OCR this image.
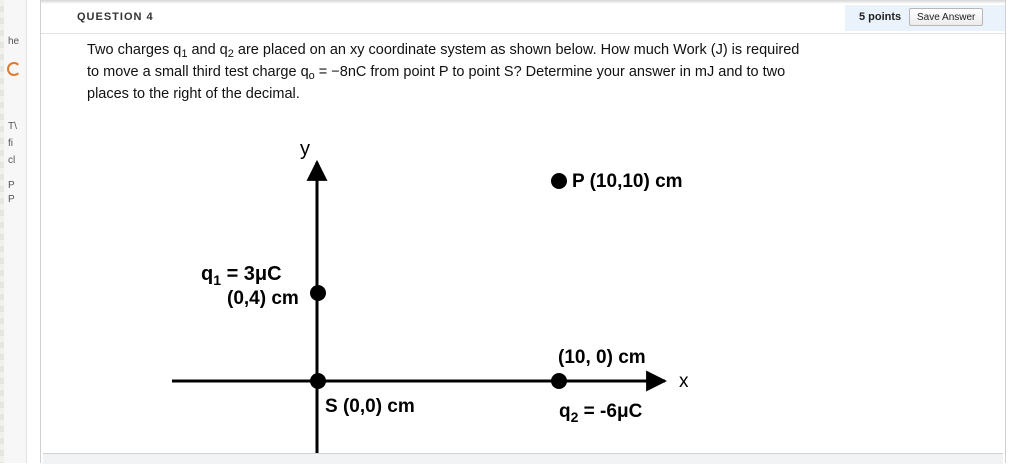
he
T\
fi
cl
P
P
QUESTION 4	5 points	Save Answer
Two charges $q_1$ and $q_2$ are placed on an xy coordinate system as shown below. How much Work (J) is required to move a small third test charge $q_o = -8nC$ from point P to point S? Determine your answer in mJ and to two places to the right of the decimal.
y
x
P (10,10) cm
$q_1 = 3\mu C$
(0,4) cm
(10, 0) cm
$q_2 = -6\mu C$
S (0,0) cm
